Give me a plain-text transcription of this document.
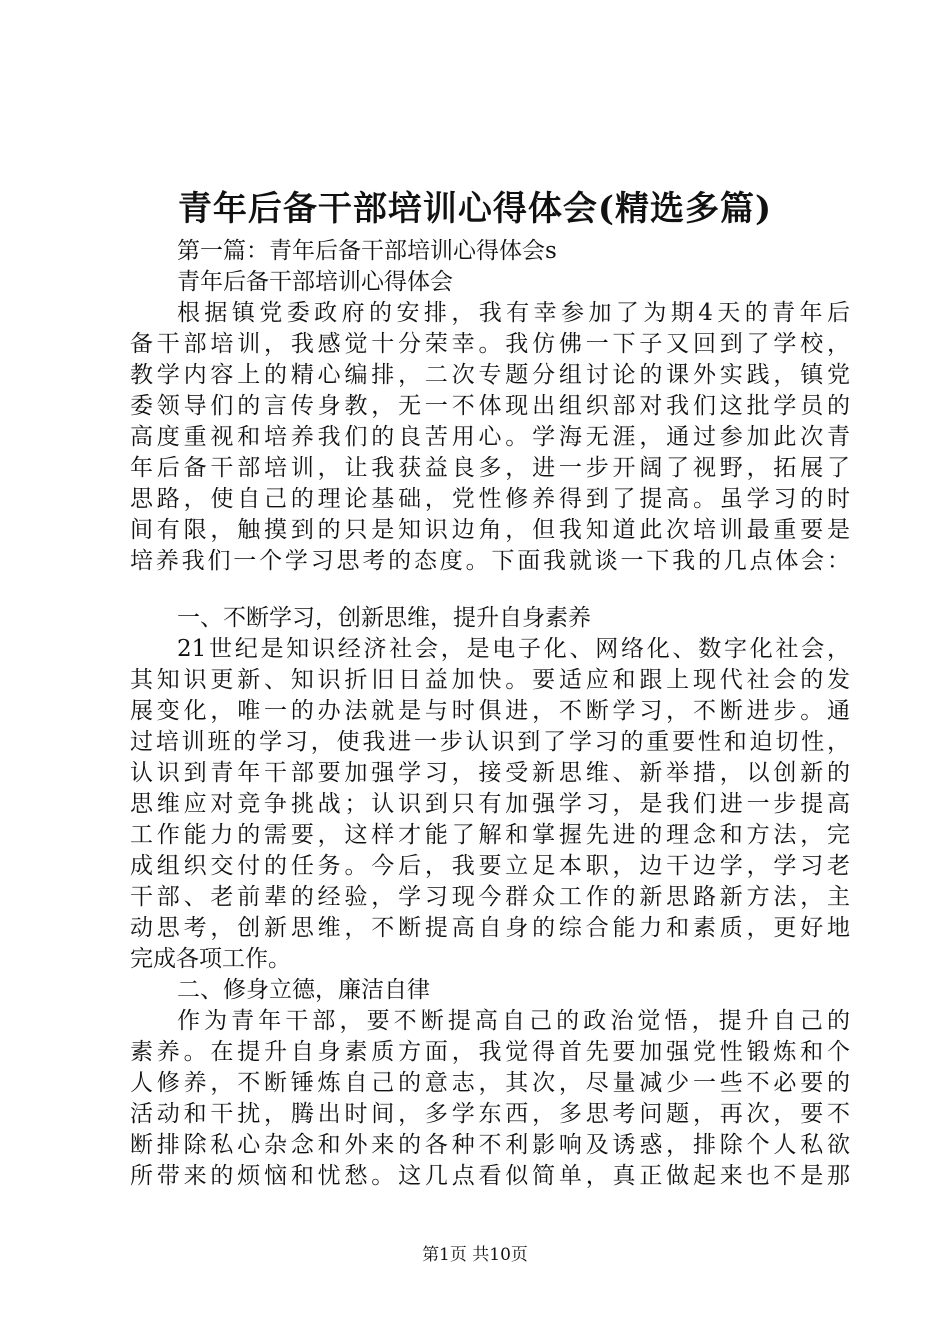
青年后备干部培训心得体会(精选多篇)
第一篇：青年后备干部培训心得体会s
青年后备干部培训心得体会
根据镇党委政府的安排，我有幸参加了为期4天的青年后
备干部培训，我感觉十分荣幸。我仿佛一下子又回到了学校，
教学内容上的精心编排，二次专题分组讨论的课外实践，镇党
委领导们的言传身教，无一不体现出组织部对我们这批学员的
高度重视和培养我们的良苦用心。学海无涯，通过参加此次青
年后备干部培训，让我获益良多，进一步开阔了视野，拓展了
思路，使自己的理论基础，党性修养得到了提高。虽学习的时
间有限，触摸到的只是知识边角，但我知道此次培训最重要是
培养我们一个学习思考的态度。下面我就谈一下我的几点体会：
一、不断学习，创新思维，提升自身素养
21世纪是知识经济社会，是电子化、网络化、数字化社会，
其知识更新、知识折旧日益加快。要适应和跟上现代社会的发
展变化，唯一的办法就是与时俱进，不断学习，不断进步。通
过培训班的学习，使我进一步认识到了学习的重要性和迫切性，
认识到青年干部要加强学习，接受新思维、新举措，以创新的
思维应对竞争挑战；认识到只有加强学习，是我们进一步提高
工作能力的需要，这样才能了解和掌握先进的理念和方法，完
成组织交付的任务。今后，我要立足本职，边干边学，学习老
干部、老前辈的经验，学习现今群众工作的新思路新方法，主
动思考，创新思维，不断提高自身的综合能力和素质，更好地
完成各项工作。
二、修身立德，廉洁自律
作为青年干部，要不断提高自己的政治觉悟，提升自己的
素养。在提升自身素质方面，我觉得首先要加强党性锻炼和个
人修养，不断锤炼自己的意志，其次，尽量减少一些不必要的
活动和干扰，腾出时间，多学东西，多思考问题，再次，要不
断排除私心杂念和外来的各种不利影响及诱惑，排除个人私欲
所带来的烦恼和忧愁。这几点看似简单，真正做起来也不是那
第1页 共10页
